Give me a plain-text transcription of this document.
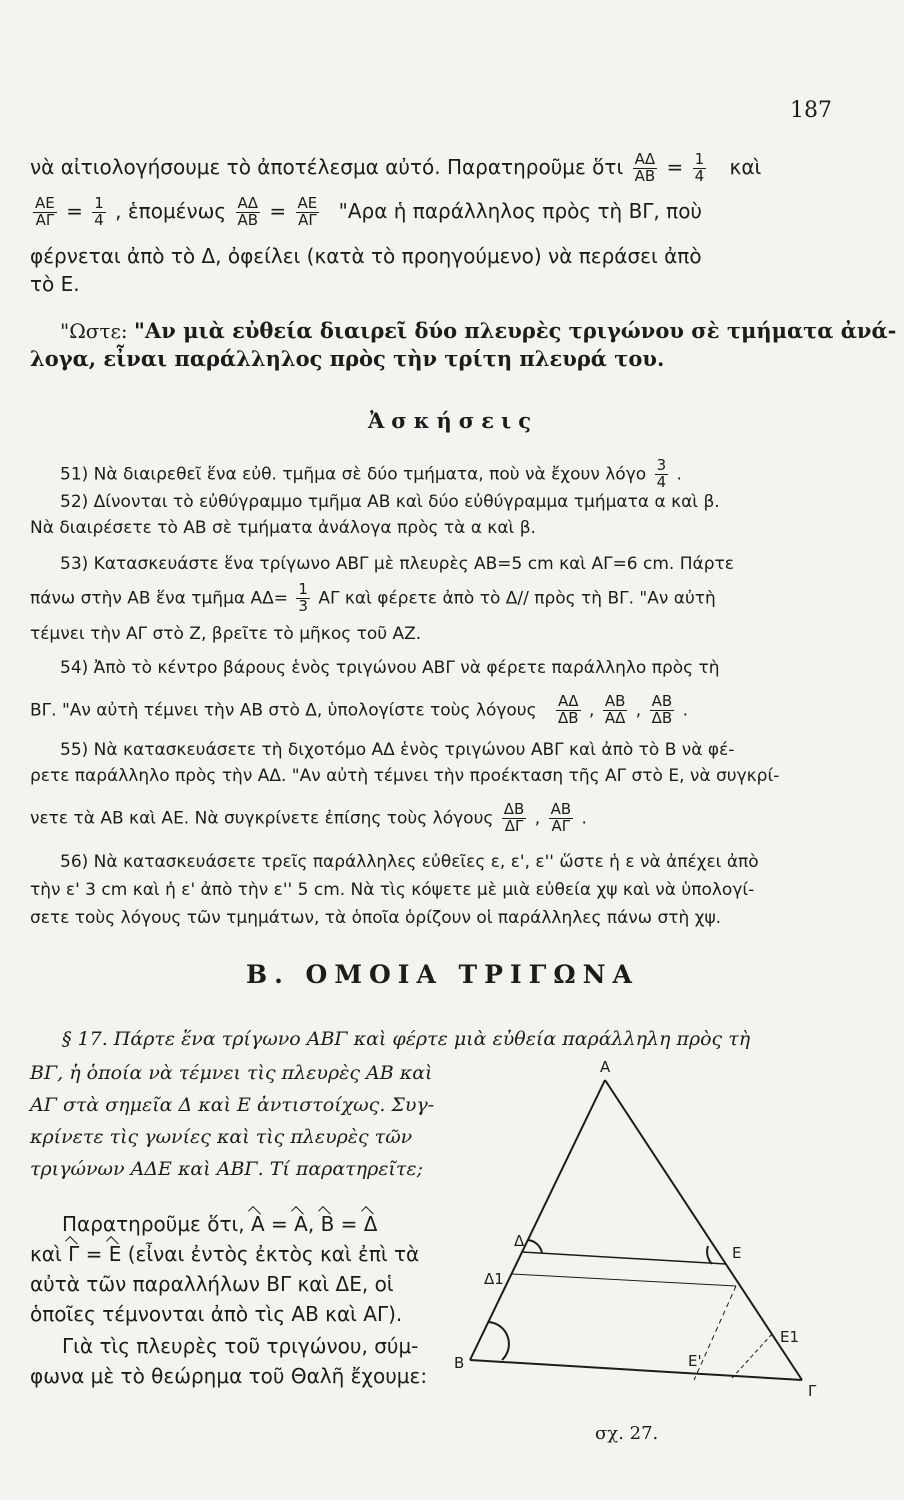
187
νὰ αἰτιολογήσουμε τὸ ἀποτέλεσμα αὐτό. Παρατηροῦμε ὅτι $\frac{A\Delta}{AB} = \frac{1}{4}$ καὶ
$\frac{AE}{A\Gamma} = \frac{1}{4}$ , ἑπομένως $\frac{A\Delta}{AB} = \frac{AE}{A\Gamma}$ "Αρα ἡ παράλληλος πρὸς τὴ ΒΓ, ποὺ
φέρνεται ἀπὸ τὸ Δ, ὀφείλει (κατὰ τὸ προηγούμενο) νὰ περάσει ἀπὸ
τὸ Ε.
"Ωστε: "Αν μιὰ εὐθεία διαιρεῖ δύο πλευρὲς τριγώνου σὲ τμήματα ἀνά-
λογα, εἶναι παράλληλος πρὸς τὴν τρίτη πλευρά του.
Ἀσκήσεις
51) Νὰ διαιρεθεῖ ἕνα εὐθ. τμῆμα σὲ δύο τμήματα, ποὺ νὰ ἔχουν λόγο $\frac{3}{4}$ .
52) Δίνονται τὸ εὐθύγραμμο τμῆμα ΑΒ καὶ δύο εὐθύγραμμα τμήματα α καὶ β.
Νὰ διαιρέσετε τὸ ΑΒ σὲ τμήματα ἀνάλογα πρὸς τὰ α καὶ β.
53) Κατασκευάστε ἕνα τρίγωνο ΑΒΓ μὲ πλευρὲς ΑΒ=5 cm καὶ ΑΓ=6 cm. Πάρτε
πάνω στὴν ΑΒ ἕνα τμῆμα $A\Delta= \frac{1}{3}$ ΑΓ καὶ φέρετε ἀπὸ τὸ Δ// πρὸς τὴ ΒΓ. "Αν αὐτὴ
τέμνει τὴν ΑΓ στὸ Ζ, βρεῖτε τὸ μῆκος τοῦ ΑΖ.
54) Ἀπὸ τὸ κέντρο βάρους ἑνὸς τριγώνου ΑΒΓ νὰ φέρετε παράλληλο πρὸς τὴ
ΒΓ. "Αν αὐτὴ τέμνει τὴν ΑΒ στὸ Δ, ὑπολογίστε τοὺς λόγους $\frac{A\Delta}{\Delta B}$ , $\frac{AB}{A\Delta}$ , $\frac{AB}{\Delta B}$ .
55) Νὰ κατασκευάσετε τὴ διχοτόμο ΑΔ ἑνὸς τριγώνου ΑΒΓ καὶ ἀπὸ τὸ Β νὰ φέ-
ρετε παράλληλο πρὸς τὴν ΑΔ. "Αν αὐτὴ τέμνει τὴν προέκταση τῆς ΑΓ στὸ Ε, νὰ συγκρί-
νετε τὰ ΑΒ καὶ ΑΕ. Νὰ συγκρίνετε ἐπίσης τοὺς λόγους $\frac{\Delta B}{\Delta\Gamma}$ , $\frac{AB}{A\Gamma}$ .
56) Νὰ κατασκευάσετε τρεῖς παράλληλες εὐθεῖες ε, ε', ε'' ὥστε ἡ ε νὰ ἀπέχει ἀπὸ
τὴν ε' 3 cm καὶ ἡ ε' ἀπὸ τὴν ε'' 5 cm. Νὰ τὶς κόψετε μὲ μιὰ εὐθεία χψ καὶ νὰ ὑπολογί-
σετε τοὺς λόγους τῶν τμημάτων, τὰ ὁποῖα ὁρίζουν οἱ παράλληλες πάνω στὴ χψ.
Β. ΟΜΟΙΑ ΤΡΙΓΩΝΑ
§ 17. Πάρτε ἕνα τρίγωνο ΑΒΓ καὶ φέρτε μιὰ εὐθεία παράλληλη πρὸς τὴ
ΒΓ, ἡ ὁποία νὰ τέμνει τὶς πλευρὲς ΑΒ καὶ
ΑΓ στὰ σημεῖα Δ καὶ Ε ἀντιστοίχως. Συγ-
κρίνετε τὶς γωνίες καὶ τὶς πλευρὲς τῶν
τριγώνων ΑΔΕ καὶ ΑΒΓ. Τί παρατηρεῖτε;
Παρατηροῦμε ὅτι, Α = Α, Β = Δ
καὶ Γ = Ε (εἶναι ἐντὸς ἐκτὸς καὶ ἐπὶ τὰ
αὐτὰ τῶν παραλλήλων ΒΓ καὶ ΔΕ, οἱ
ὁποῖες τέμνονται ἀπὸ τὶς ΑΒ καὶ ΑΓ).
Γιὰ τὶς πλευρὲς τοῦ τριγώνου, σύμ-
φωνα μὲ τὸ θεώρημα τοῦ Θαλῆ ἔχουμε:
Α
Β
Γ
Δ
Δ1
Ε
Ε1
Ε'
σχ. 27.
